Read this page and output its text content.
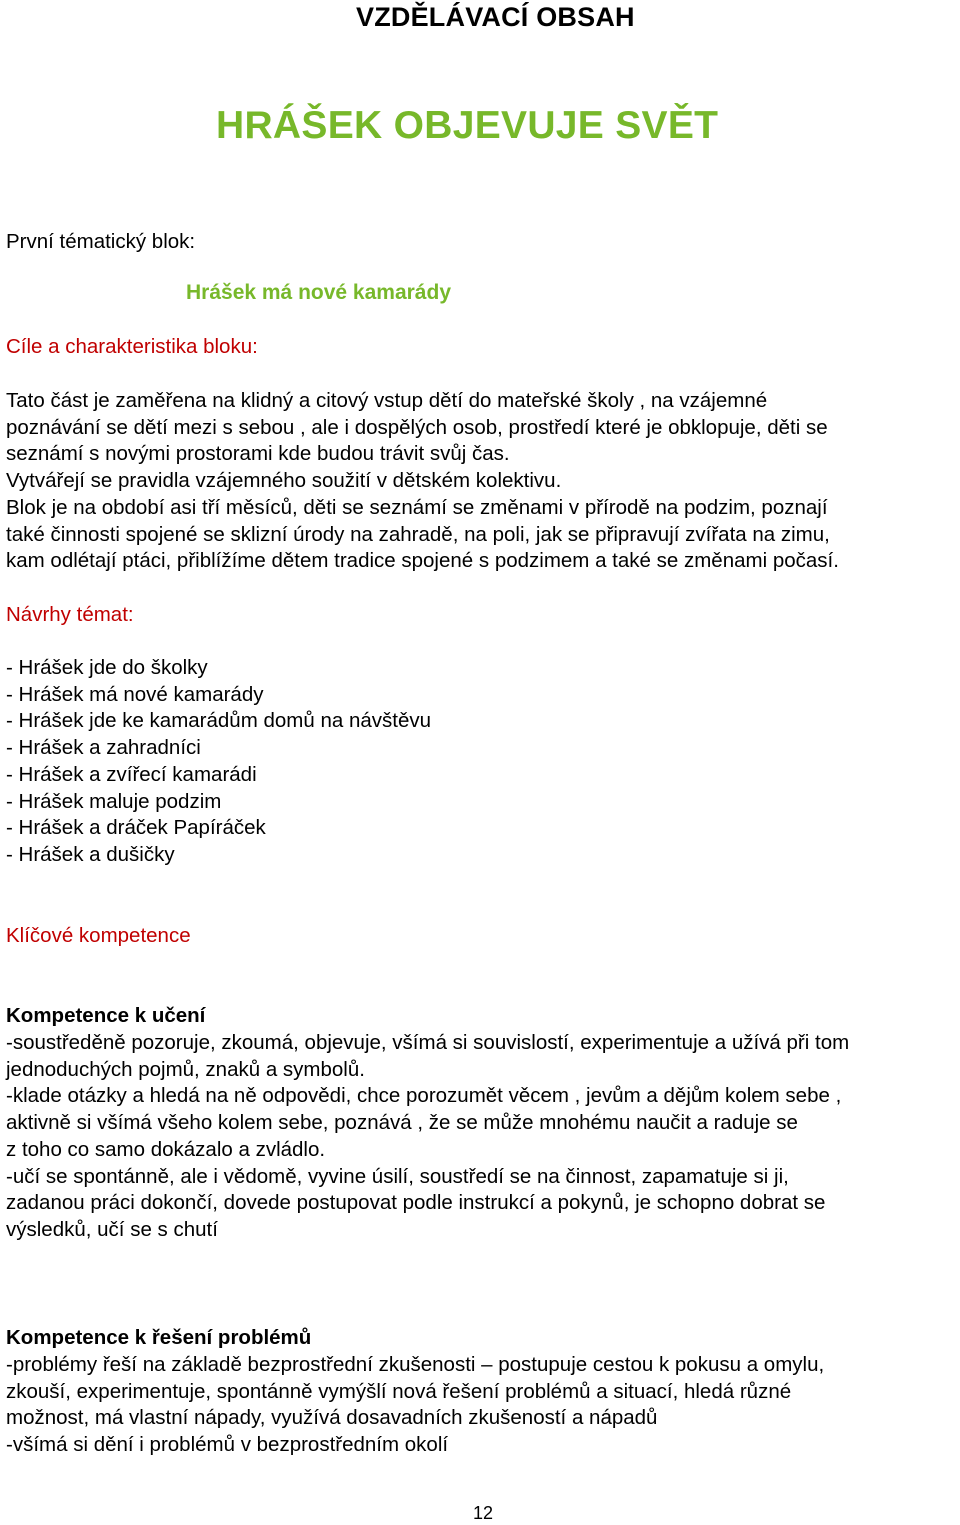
VZDĚLÁVACÍ OBSAH
HRÁŠEK OBJEVUJE SVĚT
První tématický blok:
Hrášek má nové kamarády
Cíle a charakteristika bloku:
Tato část je zaměřena na klidný a citový vstup dětí do mateřské školy , na vzájemné
poznávání se dětí mezi s sebou , ale i dospělých osob, prostředí které je obklopuje, děti se
seznámí s novými prostorami kde budou trávit svůj čas.
Vytvářejí se pravidla vzájemného soužití v dětském kolektivu.
Blok je na období asi tří měsíců, děti se seznámí se změnami v přírodě na podzim, poznají
také činnosti spojené se sklizní úrody na zahradě, na poli, jak se připravují zvířata na zimu,
kam odlétají ptáci, přiblížíme dětem tradice spojené s podzimem a také se změnami počasí.
Návrhy témat:
- Hrášek jde do školky
- Hrášek má nové kamarády
- Hrášek jde ke kamarádům domů na návštěvu
- Hrášek a zahradníci
- Hrášek a zvířecí kamarádi
- Hrášek maluje podzim
- Hrášek a dráček Papíráček
- Hrášek a dušičky
Klíčové kompetence
Kompetence k učení
-soustředěně pozoruje, zkoumá, objevuje, všímá si souvislostí, experimentuje a užívá při tom
jednoduchých pojmů, znaků a symbolů.
-klade otázky a hledá na ně odpovědi, chce porozumět věcem , jevům a dějům kolem sebe ,
aktivně si všímá všeho kolem sebe, poznává , že se může mnohému naučit a raduje se
z toho co samo dokázalo a zvládlo.
-učí se spontánně, ale i vědomě, vyvine úsilí, soustředí se na činnost, zapamatuje si ji,
zadanou práci dokončí, dovede postupovat podle instrukcí a pokynů, je schopno dobrat se
výsledků, učí se s chutí
Kompetence k řešení problémů
-problémy řeší na základě bezprostřední zkušenosti – postupuje cestou k pokusu a omylu,
zkouší, experimentuje, spontánně vymýšlí nová řešení problémů a situací, hledá různé
možnost, má vlastní nápady, využívá dosavadních zkušeností a nápadů
-všímá si dění i problémů v bezprostředním okolí
12
